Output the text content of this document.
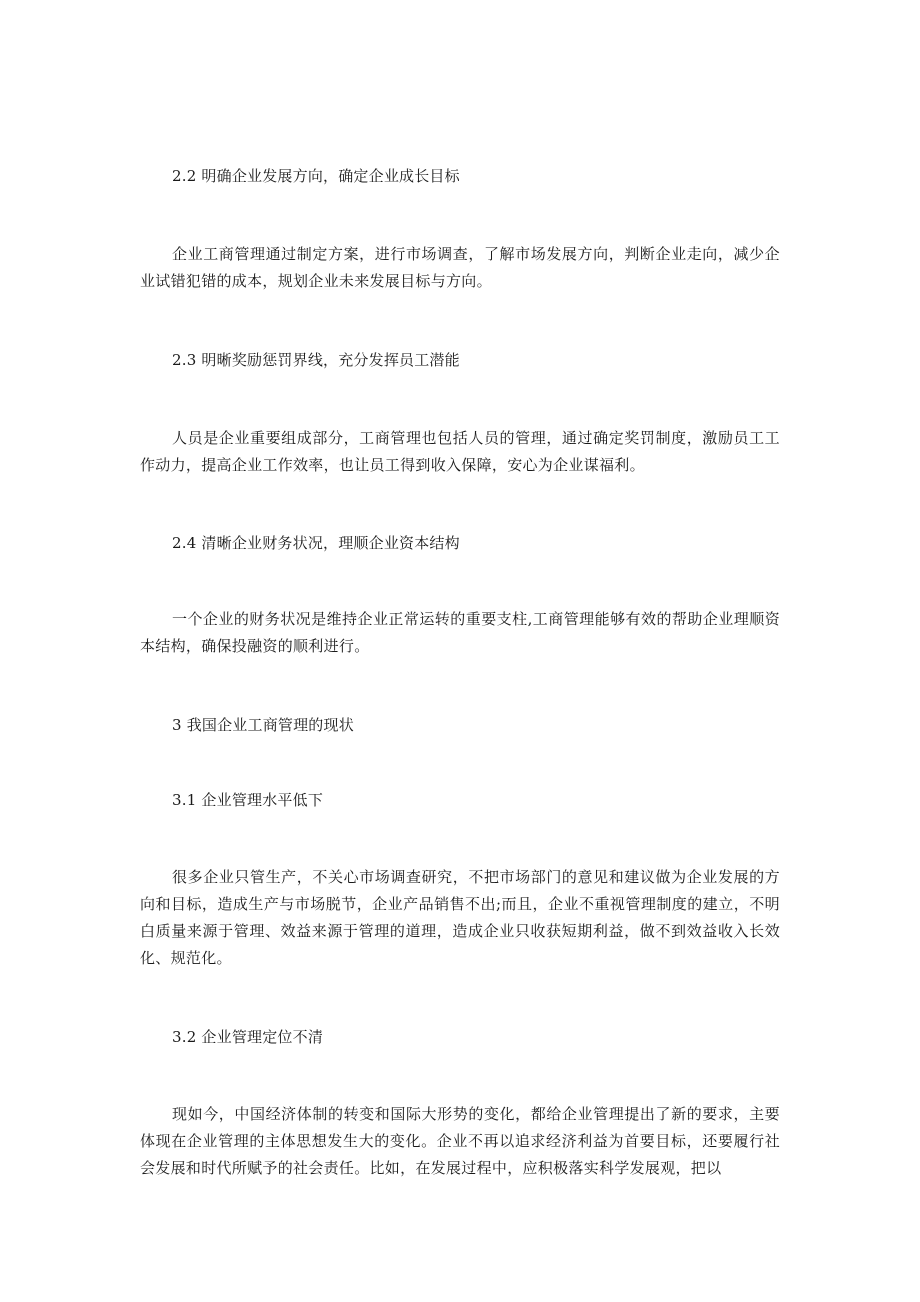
2.2 明确企业发展方向，确定企业成长目标
企业工商管理通过制定方案，进行市场调查，了解市场发展方向，判断企业走向，减少企业试错犯错的成本，规划企业未来发展目标与方向。
2.3 明晰奖励惩罚界线，充分发挥员工潜能
人员是企业重要组成部分，工商管理也包括人员的管理，通过确定奖罚制度，激励员工工作动力，提高企业工作效率，也让员工得到收入保障，安心为企业谋福利。
2.4 清晰企业财务状况，理顺企业资本结构
一个企业的财务状况是维持企业正常运转的重要支柱,工商管理能够有效的帮助企业理顺资本结构，确保投融资的顺利进行。
3 我国企业工商管理的现状
3.1 企业管理水平低下
很多企业只管生产，不关心市场调查研究，不把市场部门的意见和建议做为企业发展的方向和目标，造成生产与市场脱节，企业产品销售不出;而且，企业不重视管理制度的建立，不明白质量来源于管理、效益来源于管理的道理，造成企业只收获短期利益，做不到效益收入长效化、规范化。
3.2 企业管理定位不清
现如今，中国经济体制的转变和国际大形势的变化，都给企业管理提出了新的要求，主要体现在企业管理的主体思想发生大的变化。企业不再以追求经济利益为首要目标，还要履行社会发展和时代所赋予的社会责任。比如，在发展过程中，应积极落实科学发展观，把以
